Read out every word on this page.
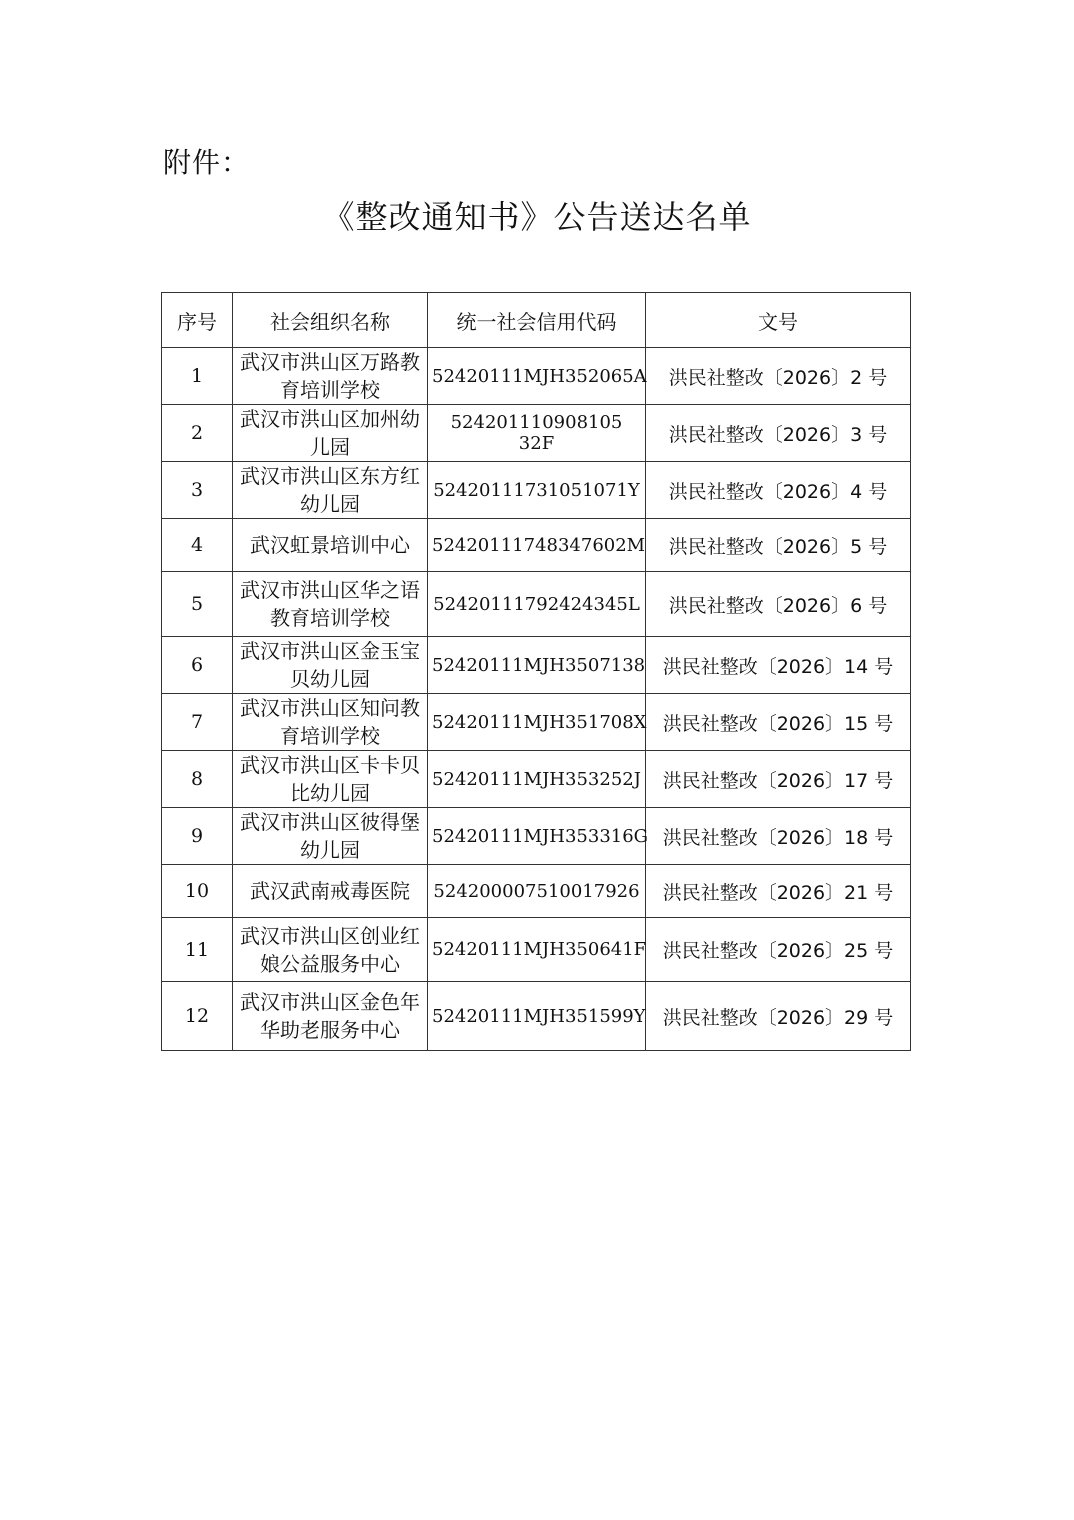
附件：
《整改通知书》公告送达名单
序号	社会组织名称	统一社会信用代码	文号
1	武汉市洪山区万路教育培训学校	52420111MJH352065A	洪民社整改〔2026〕2 号
2	武汉市洪山区加州幼儿园	524201110908105 32F	洪民社整改〔2026〕3 号
3	武汉市洪山区东方红幼儿园	52420111731051071Y	洪民社整改〔2026〕4 号
4	武汉虹景培训中心	52420111748347602M	洪民社整改〔2026〕5 号
5	武汉市洪山区华之语教育培训学校	52420111792424345L	洪民社整改〔2026〕6 号
6	武汉市洪山区金玉宝贝幼儿园	52420111MJH3507138	洪民社整改〔2026〕14 号
7	武汉市洪山区知问教育培训学校	52420111MJH351708X	洪民社整改〔2026〕15 号
8	武汉市洪山区卡卡贝比幼儿园	52420111MJH353252J	洪民社整改〔2026〕17 号
9	武汉市洪山区彼得堡幼儿园	52420111MJH353316G	洪民社整改〔2026〕18 号
10	武汉武南戒毒医院	524200007510017926	洪民社整改〔2026〕21 号
11	武汉市洪山区创业红娘公益服务中心	52420111MJH350641F	洪民社整改〔2026〕25 号
12	武汉市洪山区金色年华助老服务中心	52420111MJH351599Y	洪民社整改〔2026〕29 号
